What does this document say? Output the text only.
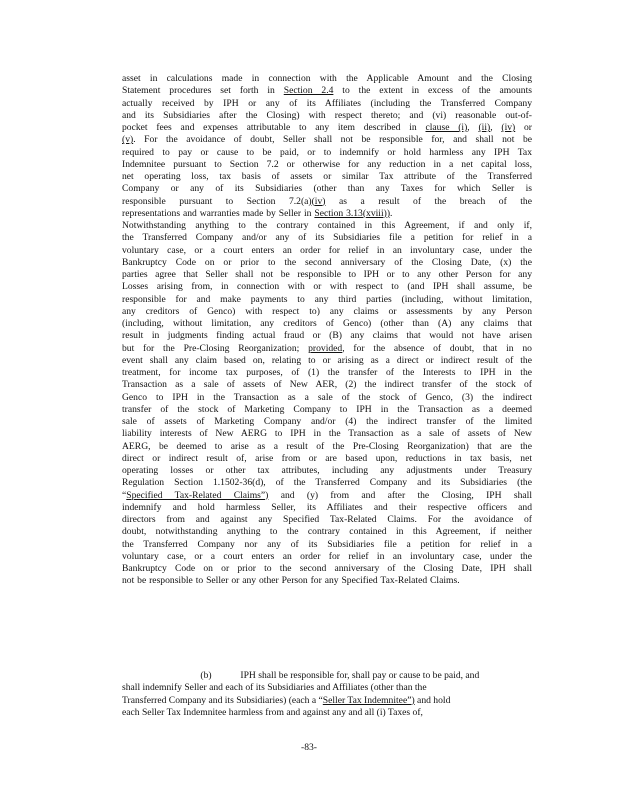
asset in calculations made in connection with the Applicable Amount and the Closing
Statement procedures set forth in Section 2.4 to the extent in excess of the amounts
actually received by IPH or any of its Affiliates (including the Transferred Company
and its Subsidiaries after the Closing) with respect thereto; and (vi) reasonable out-of-
pocket fees and expenses attributable to any item described in clause (i), (ii), (iv) or
(v). For the avoidance of doubt, Seller shall not be responsible for, and shall not be
required to pay or cause to be paid, or to indemnify or hold harmless any IPH Tax
Indemnitee pursuant to Section 7.2 or otherwise for any reduction in a net capital loss,
net operating loss, tax basis of assets or similar Tax attribute of the Transferred
Company or any of its Subsidiaries (other than any Taxes for which Seller is
responsible pursuant to Section 7.2(a)(iv) as a result of the breach of the
representations and warranties made by Seller in Section 3.13(xviii)).
Notwithstanding anything to the contrary contained in this Agreement, if and only if,
the Transferred Company and/or any of its Subsidiaries file a petition for relief in a
voluntary case, or a court enters an order for relief in an involuntary case, under the
Bankruptcy Code on or prior to the second anniversary of the Closing Date, (x) the
parties agree that Seller shall not be responsible to IPH or to any other Person for any
Losses arising from, in connection with or with respect to (and IPH shall assume, be
responsible for and make payments to any third parties (including, without limitation,
any creditors of Genco) with respect to) any claims or assessments by any Person
(including, without limitation, any creditors of Genco) (other than (A) any claims that
result in judgments finding actual fraud or (B) any claims that would not have arisen
but for the Pre-Closing Reorganization; provided, for the absence of doubt, that in no
event shall any claim based on, relating to or arising as a direct or indirect result of the
treatment, for income tax purposes, of (1) the transfer of the Interests to IPH in the
Transaction as a sale of assets of New AER, (2) the indirect transfer of the stock of
Genco to IPH in the Transaction as a sale of the stock of Genco, (3) the indirect
transfer of the stock of Marketing Company to IPH in the Transaction as a deemed
sale of assets of Marketing Company and/or (4) the indirect transfer of the limited
liability interests of New AERG to IPH in the Transaction as a sale of assets of New
AERG, be deemed to arise as a result of the Pre-Closing Reorganization) that are the
direct or indirect result of, arise from or are based upon, reductions in tax basis, net
operating losses or other tax attributes, including any adjustments under Treasury
Regulation Section 1.1502-36(d), of the Transferred Company and its Subsidiaries (the
“Specified Tax-Related Claims”) and (y) from and after the Closing, IPH shall
indemnify and hold harmless Seller, its Affiliates and their respective officers and
directors from and against any Specified Tax-Related Claims. For the avoidance of
doubt, notwithstanding anything to the contrary contained in this Agreement, if neither
the Transferred Company nor any of its Subsidiaries file a petition for relief in a
voluntary case, or a court enters an order for relief in an involuntary case, under the
Bankruptcy Code on or prior to the second anniversary of the Closing Date, IPH shall
not be responsible to Seller or any other Person for any Specified Tax-Related Claims.
(b)	IPH shall be responsible for, shall pay or cause to be paid, and
shall indemnify Seller and each of its Subsidiaries and Affiliates (other than the
Transferred Company and its Subsidiaries) (each a “Seller Tax Indemnitee”) and hold
each Seller Tax Indemnitee harmless from and against any and all (i) Taxes of,
-83-
